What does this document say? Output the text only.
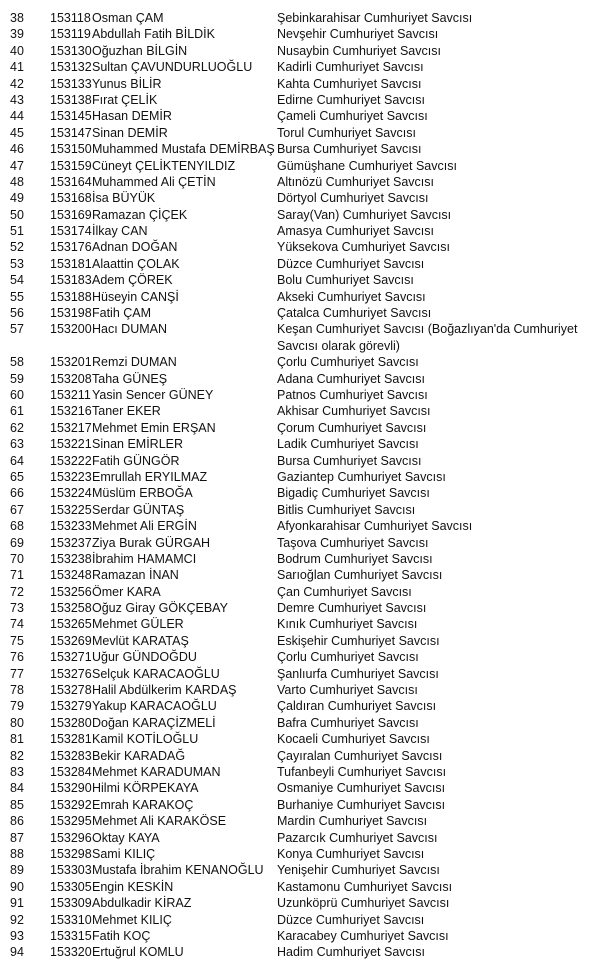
38 153118 Osman ÇAM	Şebinkarahisar Cumhuriyet Savcısı
39 153119 Abdullah Fatih BİLDİK	Nevşehir Cumhuriyet Savcısı
40 153130 Oğuzhan BİLGİN	Nusaybin Cumhuriyet Savcısı
41 153132 Sultan ÇAVUNDURLUOĞLU Kadirli Cumhuriyet Savcısı
42 153133 Yunus BİLİR	Kahta Cumhuriyet Savcısı
43 153138 Fırat ÇELİK	Edirne Cumhuriyet Savcısı
44 153145 Hasan DEMİR	Çameli Cumhuriyet Savcısı
45 153147 Sinan DEMİR	Torul Cumhuriyet Savcısı
46 153150 Muhammed Mustafa DEMİRBAŞ Bursa Cumhuriyet Savcısı
47 153159 Cüneyt ÇELİKTENYILDIZ	Gümüşhane Cumhuriyet Savcısı
48 153164 Muhammed Ali ÇETİN	Altınözü Cumhuriyet Savcısı
49 153168 İsa BÜYÜK	Dörtyol Cumhuriyet Savcısı
50 153169 Ramazan ÇİÇEK	Saray(Van) Cumhuriyet Savcısı
51 153174 İlkay CAN	Amasya Cumhuriyet Savcısı
52 153176 Adnan DOĞAN	Yüksekova Cumhuriyet Savcısı
53 153181 Alaattin ÇOLAK	Düzce Cumhuriyet Savcısı
54 153183 Adem ÇÖREK	Bolu Cumhuriyet Savcısı
55 153188 Hüseyin CANŞİ	Akseki Cumhuriyet Savcısı
56 153198 Fatih ÇAM	Çatalca Cumhuriyet Savcısı
57 153200 Hacı DUMAN	Keşan Cumhuriyet Savcısı (Boğazlıyan'da Cumhuriyet Savcısı olarak görevli)
58 153201 Remzi DUMAN	Çorlu Cumhuriyet Savcısı
59 153208 Taha GÜNEŞ	Adana Cumhuriyet Savcısı
60 153211 Yasin Sencer GÜNEY	Patnos Cumhuriyet Savcısı
61 153216 Taner EKER	Akhisar Cumhuriyet Savcısı
62 153217 Mehmet Emin ERŞAN	Çorum Cumhuriyet Savcısı
63 153221 Sinan EMİRLER	Ladik Cumhuriyet Savcısı
64 153222 Fatih GÜNGÖR	Bursa Cumhuriyet Savcısı
65 153223 Emrullah ERYILMAZ	Gaziantep Cumhuriyet Savcısı
66 153224 Müslüm ERBOĞA	Bigadiç Cumhuriyet Savcısı
67 153225 Serdar GÜNTAŞ	Bitlis Cumhuriyet Savcısı
68 153233 Mehmet Ali ERGİN	Afyonkarahisar Cumhuriyet Savcısı
69 153237 Ziya Burak GÜRGAH	Taşova Cumhuriyet Savcısı
70 153238 İbrahim HAMAMCI	Bodrum Cumhuriyet Savcısı
71 153248 Ramazan İNAN	Sarıoğlan Cumhuriyet Savcısı
72 153256 Ömer KARA	Çan Cumhuriyet Savcısı
73 153258 Oğuz Giray GÖKÇEBAY	Demre Cumhuriyet Savcısı
74 153265 Mehmet GÜLER	Kınık Cumhuriyet Savcısı
75 153269 Mevlüt KARATAŞ	Eskişehir Cumhuriyet Savcısı
76 153271 Uğur GÜNDOĞDU	Çorlu Cumhuriyet Savcısı
77 153276 Selçuk KARACAOĞLU	Şanlıurfa Cumhuriyet Savcısı
78 153278 Halil Abdülkerim KARDAŞ	Varto Cumhuriyet Savcısı
79 153279 Yakup KARACAOĞLU	Çaldıran Cumhuriyet Savcısı
80 153280 Doğan KARAÇİZMELİ	Bafra Cumhuriyet Savcısı
81 153281 Kamil KOTİLOĞLU	Kocaeli Cumhuriyet Savcısı
82 153283 Bekir KARADAĞ	Çayıralan Cumhuriyet Savcısı
83 153284 Mehmet KARADUMAN	Tufanbeyli Cumhuriyet Savcısı
84 153290 Hilmi KÖRPEKAYA	Osmaniye Cumhuriyet Savcısı
85 153292 Emrah KARAKOÇ	Burhaniye Cumhuriyet Savcısı
86 153295 Mehmet Ali KARAKÖSE	Mardin Cumhuriyet Savcısı
87 153296 Oktay KAYA	Pazarcık Cumhuriyet Savcısı
88 153298 Sami KILIÇ	Konya Cumhuriyet Savcısı
89 153303 Mustafa İbrahim KENANOĞLU Yenişehir Cumhuriyet Savcısı
90 153305 Engin KESKİN	Kastamonu Cumhuriyet Savcısı
91 153309 Abdulkadir KİRAZ	Uzunköprü Cumhuriyet Savcısı
92 153310 Mehmet KILIÇ	Düzce Cumhuriyet Savcısı
93 153315 Fatih KOÇ	Karacabey Cumhuriyet Savcısı
94 153320 Ertuğrul KOMLU	Hadim Cumhuriyet Savcısı
